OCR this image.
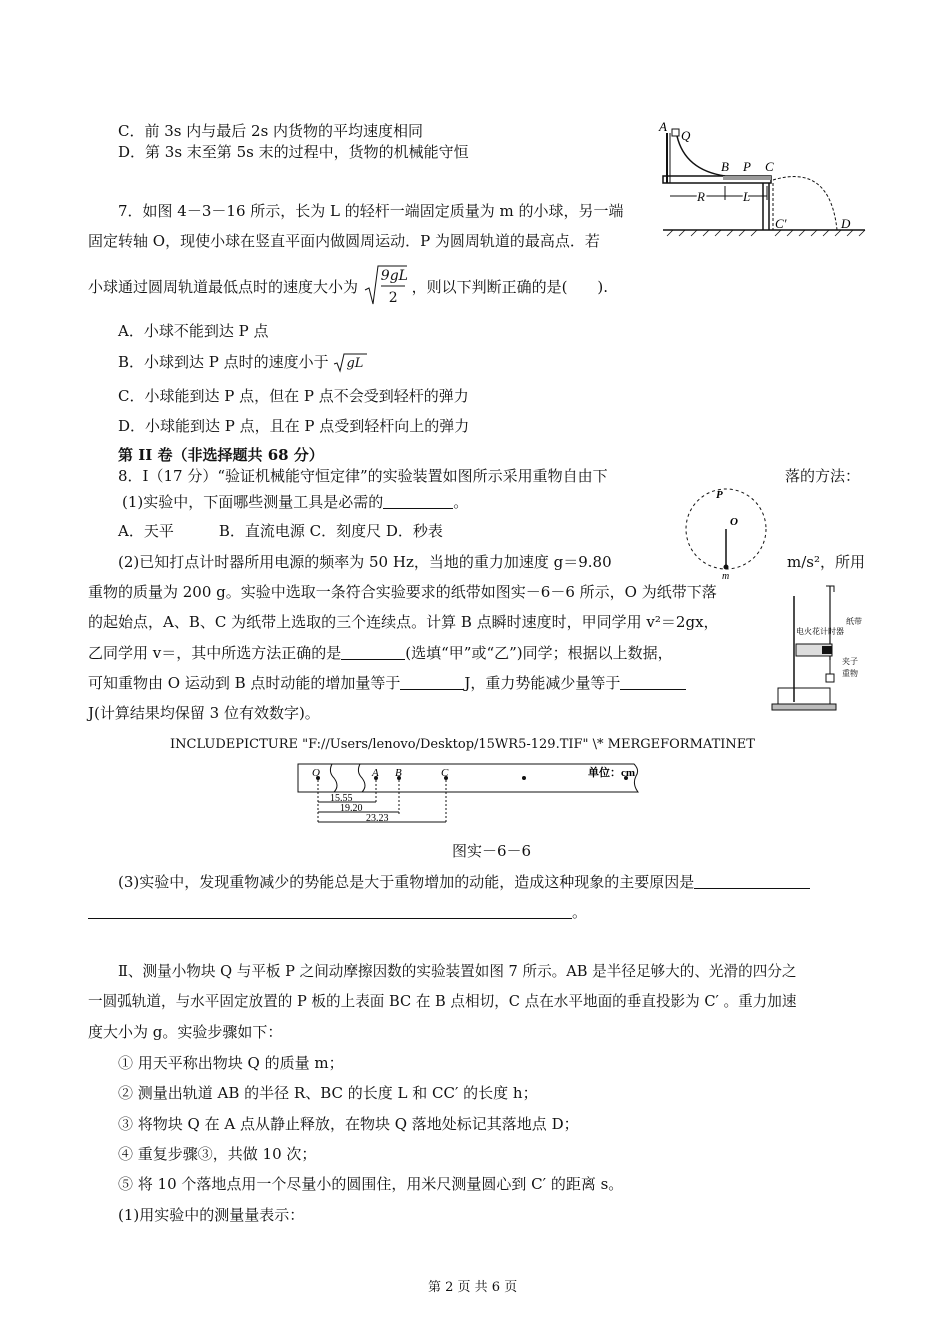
C．前 3s 内与最后 2s 内货物的平均速度相同
D．第 3s 末至第 5s 末的过程中，货物的机械能守恒
A
Q
B P C
R	L
C′	D
7．如图 4－3－16 所示，长为 L 的轻杆一端固定质量为 m 的小球，另一端
固定转轴 O，现使小球在竖直平面内做圆周运动．P 为圆周轨道的最高点．若
小球通过圆周轨道最低点时的速度大小为
9gL
2
，则以下判断正确的是(　　).
A．小球不能到达 P 点
B．小球到达 P 点时的速度小于 gL
C．小球能到达 P 点，但在 P 点不会受到轻杆的弹力
D．小球能到达 P 点，且在 P 点受到轻杆向上的弹力
第 II 卷（非选择题共 68 分）
8．I（17 分）“验证机械能守恒定律”的实验装置如图所示采用重物自由下	落的方法：
(1)实验中，下面哪些测量工具是必需的	。
A．天平　　　B．直流电源 C．刻度尺 D．秒表
P
O
m
(2)已知打点计时器所用电源的频率为 50 Hz，当地的重力加速度 g＝9.80	m/s²，所用
重物的质量为 200 g。实验中选取一条符合实验要求的纸带如图实－6－6 所示，O 为纸带下落
的起始点，A、B、C 为纸带上选取的三个连续点。计算 B 点瞬时速度时，甲同学用 v²＝2gx，
乙同学用 v＝，其中所选方法正确的是	(选填“甲”或“乙”)同学；根据以上数据，
可知重物由 O 运动到 B 点时动能的增加量等于	J，重力势能减少量等于
J(计算结果均保留 3 位有效数字)。
电火花计时器
纸带
夹子
重物
INCLUDEPICTURE "F://Users/lenovo/Desktop/15WR5-129.TIF" \* MERGEFORMATINET
O	A B	C	单位：cm
15.55
19.20
23.23
图实－6－6
(3)实验中，发现重物减少的势能总是大于重物增加的动能，造成这种现象的主要原因是
。
Ⅱ、测量小物块 Q 与平板 P 之间动摩擦因数的实验装置如图 7 所示。AB 是半径足够大的、光滑的四分之
一圆弧轨道，与水平固定放置的 P 板的上表面 BC 在 B 点相切，C 点在水平地面的垂直投影为 C′ 。重力加速
度大小为 g。实验步骤如下：
① 用天平称出物块 Q 的质量 m；
② 测量出轨道 AB 的半径 R、BC 的长度 L 和 CC′ 的长度 h；
③ 将物块 Q 在 A 点从静止释放，在物块 Q 落地处标记其落地点 D；
④ 重复步骤③，共做 10 次；
⑤ 将 10 个落地点用一个尽量小的圆围住，用米尺测量圆心到 C′ 的距离 s。
(1)用实验中的测量量表示：
第 2 页 共 6 页
